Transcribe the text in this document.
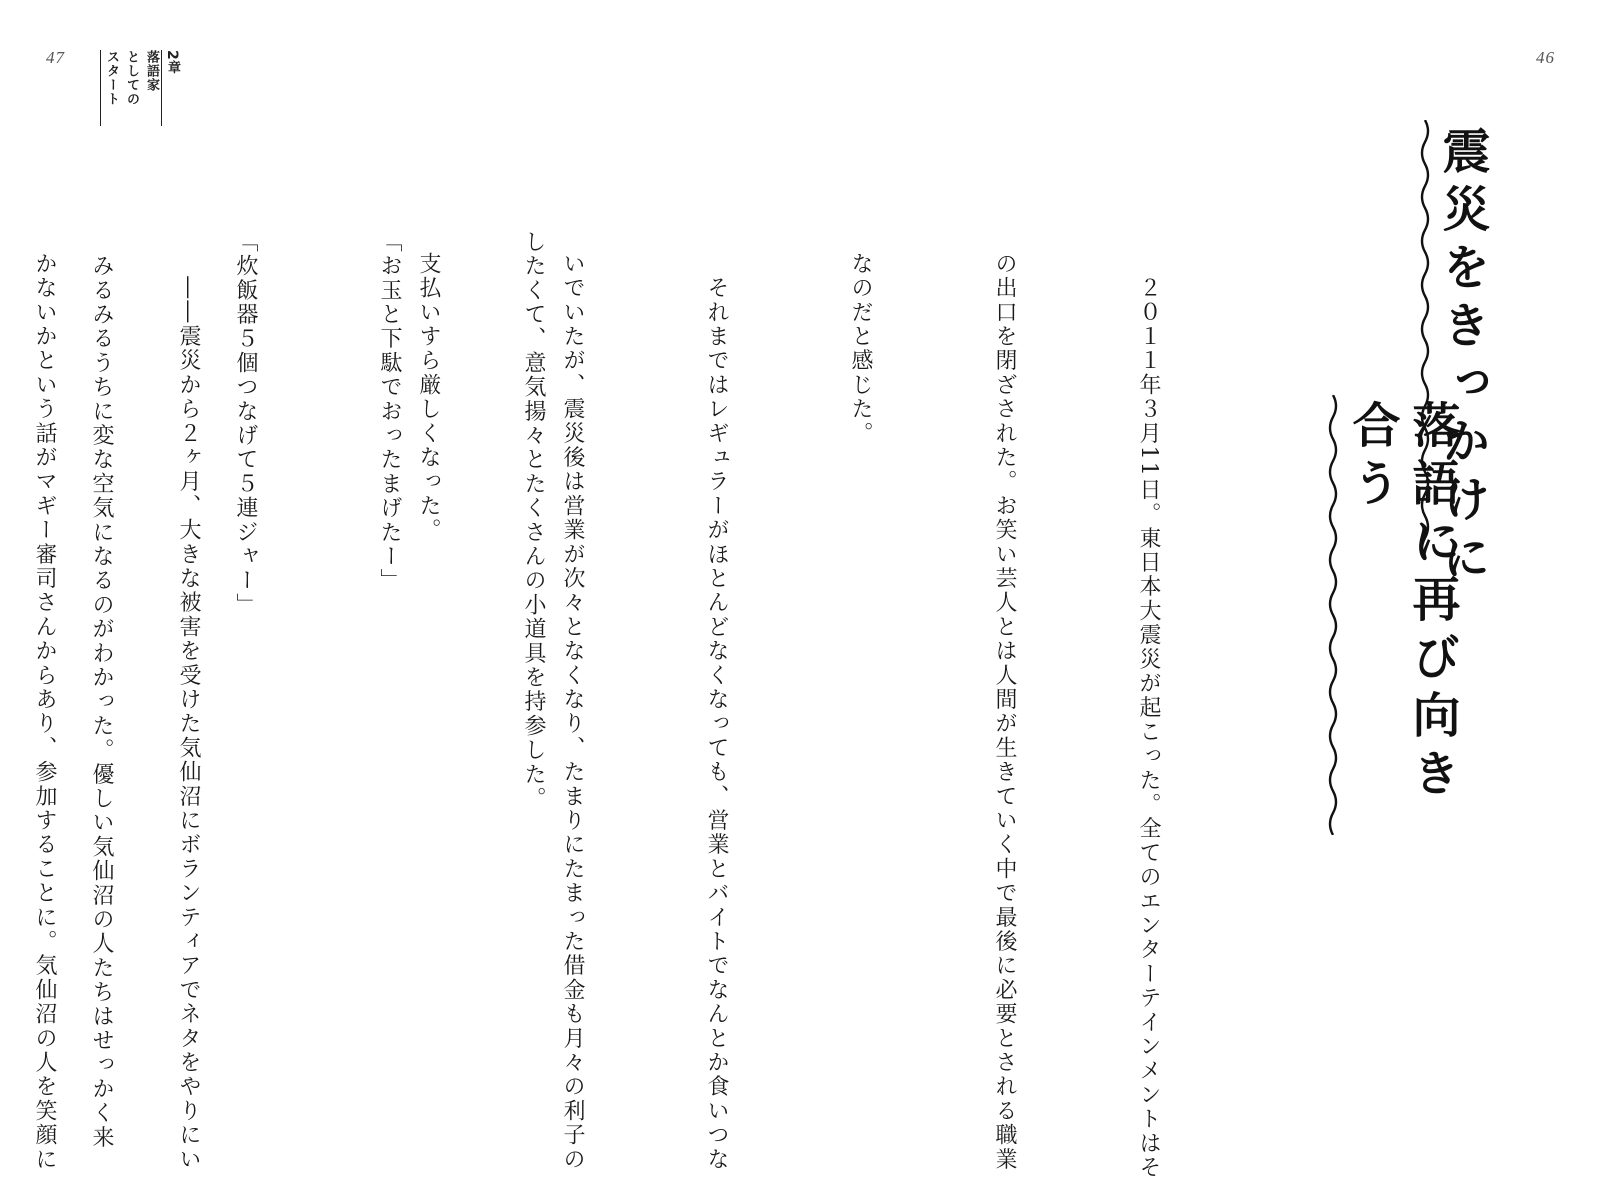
47	46
2章
落語家
としての
スタート
震災をきっかけに
落語に再び向き合う

　２０１１年３月11日。東日本大震災が起こった。全てのエンターテインメントはそ

の出口を閉ざされた。お笑い芸人とは人間が生きていく中で最後に必要とされる職業

なのだと感じた。

　それまではレギュラーがほとんどなくなっても、営業とバイトでなんとか食いつな

いでいたが、震災後は営業が次々となくなり、たまりにたまった借金も月々の利子の

支払いすら厳しくなった。

　――震災から２ヶ月、大きな被害を受けた気仙沼にボランティアでネタをやりにい

かないかという話がマギー審司さんからあり、参加することに。気仙沼の人を笑顔に

	したくて、意気揚々とたくさんの小道具を持参した。

「お玉と下駄でおったまげたー」

「炊飯器５個つなげて５連ジャー」

　みるみるうちに変な空気になるのがわかった。優しい気仙沼の人たちはせっかく来
